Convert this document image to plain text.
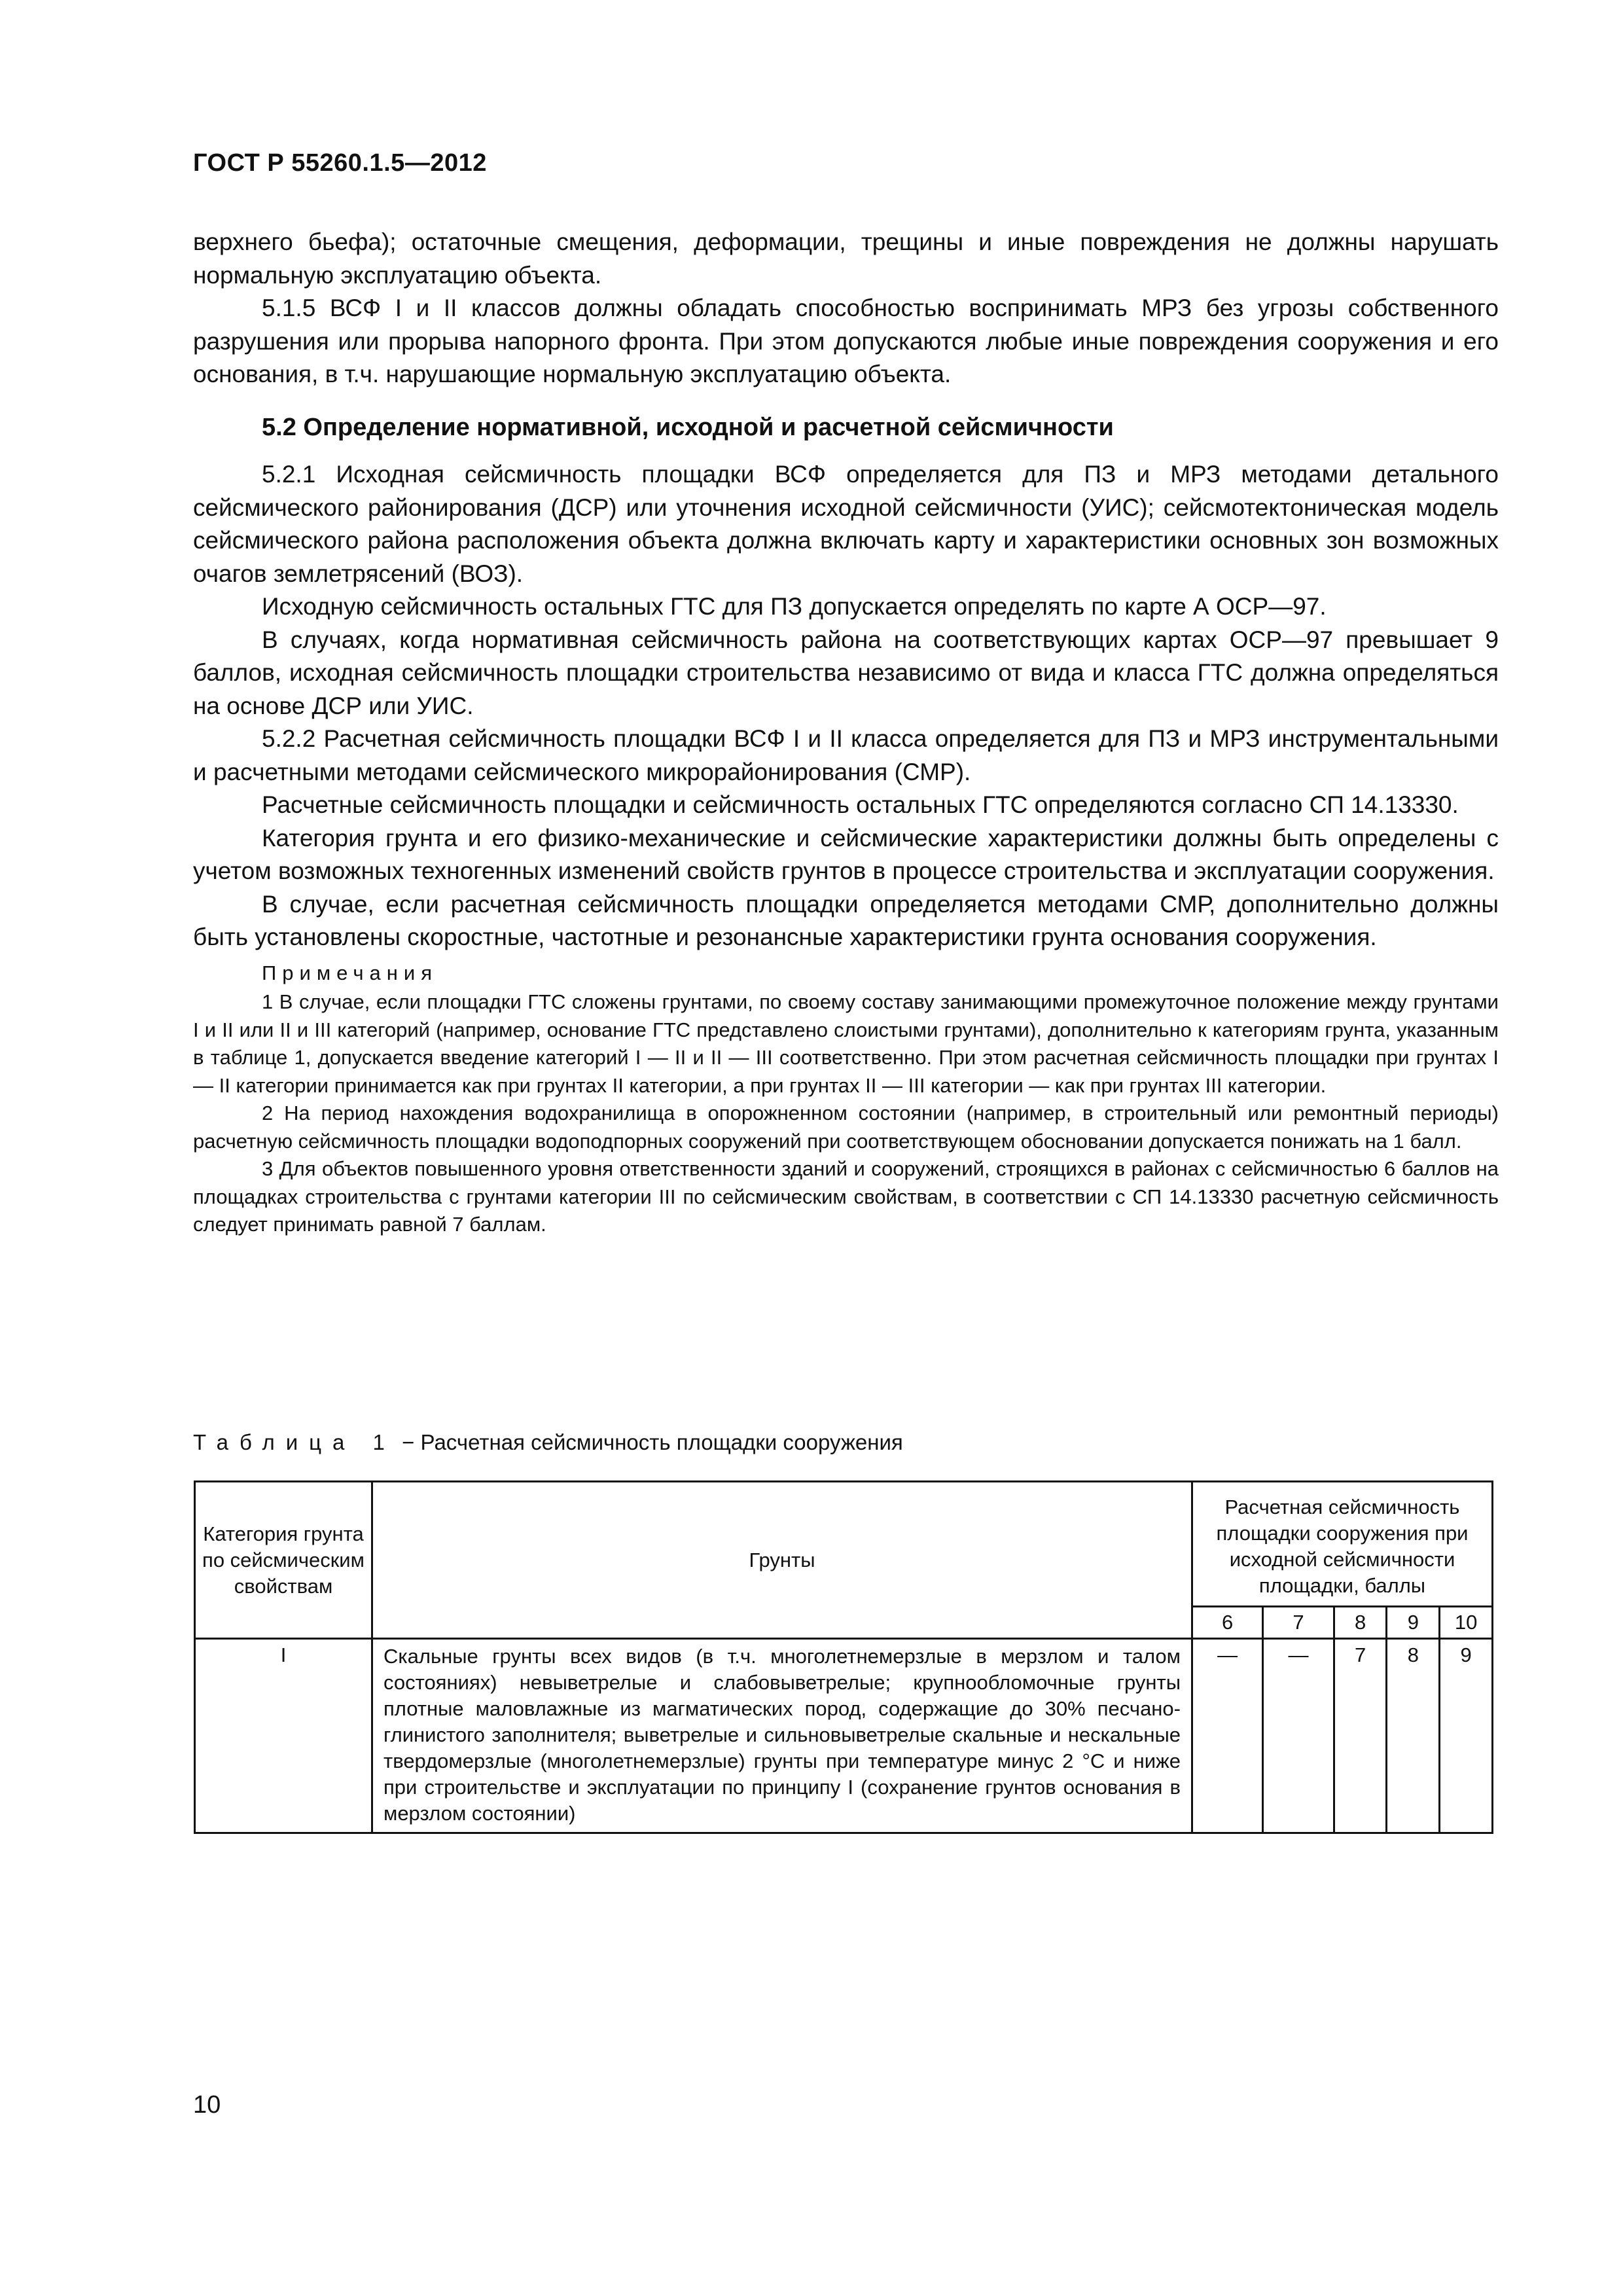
ГОСТ Р 55260.1.5—2012

верхнего бьефа); остаточные смещения, деформации, трещины и иные повреждения не должны нарушать нормальную эксплуатацию объекта.

5.1.5 ВСФ I и II классов должны обладать способностью воспринимать МРЗ без угрозы собственного разрушения или прорыва напорного фронта. При этом допускаются любые иные повреждения сооружения и его основания, в т.ч. нарушающие нормальную эксплуатацию объекта.

5.2 Определение нормативной, исходной и расчетной сейсмичности

5.2.1 Исходная сейсмичность площадки ВСФ определяется для ПЗ и МРЗ методами детального сейсмического районирования (ДСР) или уточнения исходной сейсмичности (УИС); сейсмотектоническая модель сейсмического района расположения объекта должна включать карту и характеристики основных зон возможных очагов землетрясений (ВОЗ).

Исходную сейсмичность остальных ГТС для ПЗ допускается определять по карте А ОСР—97.

В случаях, когда нормативная сейсмичность района на соответствующих картах ОСР—97 превышает 9 баллов, исходная сейсмичность площадки строительства независимо от вида и класса ГТС должна определяться на основе ДСР или УИС.

5.2.2 Расчетная сейсмичность площадки ВСФ I и II класса определяется для ПЗ и МРЗ инструментальными и расчетными методами сейсмического микрорайонирования (СМР).

Расчетные сейсмичность площадки и сейсмичность остальных ГТС определяются согласно СП 14.13330.

Категория грунта и его физико-механические и сейсмические характеристики должны быть определены с учетом возможных техногенных изменений свойств грунтов в процессе строительства и эксплуатации сооружения.

В случае, если расчетная сейсмичность площадки определяется методами СМР, дополнительно должны быть установлены скоростные, частотные и резонансные характеристики грунта основания сооружения.

Примечания

1 В случае, если площадки ГТС сложены грунтами, по своему составу занимающими промежуточное положение между грунтами I и II или II и III категорий (например, основание ГТС представлено слоистыми грунтами), дополнительно к категориям грунта, указанным в таблице 1, допускается введение категорий I — II и II — III соответственно. При этом расчетная сейсмичность площадки при грунтах I — II категории принимается как при грунтах II категории, а при грунтах II — III категории — как при грунтах III категории.

2 На период нахождения водохранилища в опорожненном состоянии (например, в строительный или ремонтный периоды) расчетную сейсмичность площадки водоподпорных сооружений при соответствующем обосновании допускается понижать на 1 балл.

3 Для объектов повышенного уровня ответственности зданий и сооружений, строящихся в районах с сейсмичностью 6 баллов на площадках строительства с грунтами категории III по сейсмическим свойствам, в соответствии с СП 14.13330 расчетную сейсмичность следует принимать равной 7 баллам.

Таблица 1 − Расчетная сейсмичность площадки сооружения
Категория грунта по сейсмическим свойствам	Грунты	Расчетная сейсмичность площадки сооружения при исходной сейсмичности площадки, баллы				
		6	7	8	9	10
I	Скальные грунты всех видов (в т.ч. многолетнемерзлые в мерзлом и талом состояниях) невыветрелые и слабовыветрелые; крупнообломочные грунты плотные маловлажные из магматических пород, содержащие до 30% песчано-глинистого заполнителя; выветрелые и сильновыветрелые скальные и нескальные твердомерзлые (многолетнемерзлые) грунты при температуре минус 2 °С и ниже при строительстве и эксплуатации по принципу I (сохранение грунтов основания в мерзлом состоянии)	—	—	7	8	9
10
